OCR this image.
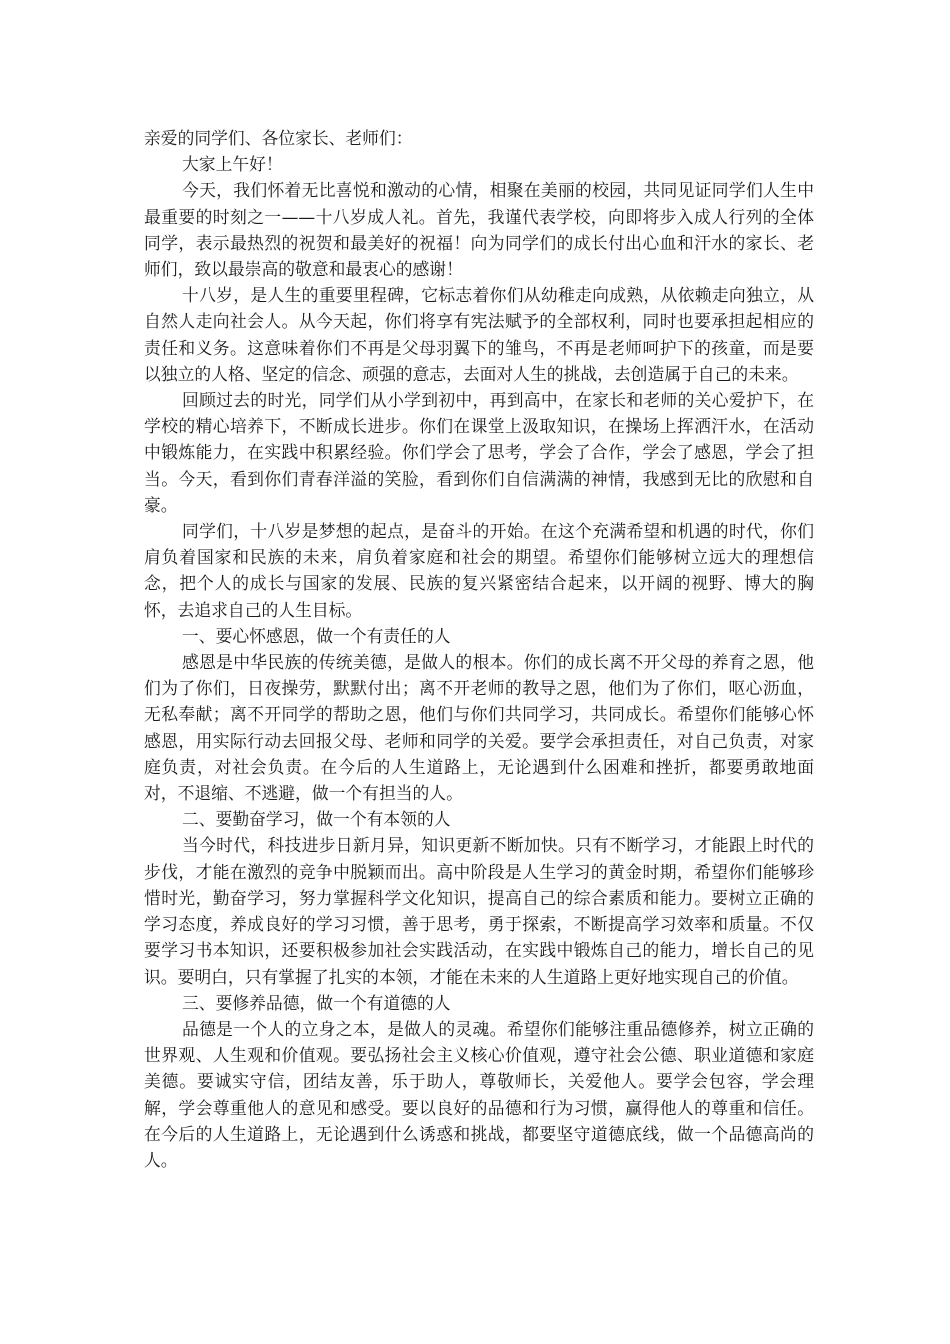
亲爱的同学们、各位家长、老师们：

大家上午好！

今天，我们怀着无比喜悦和激动的心情，相聚在美丽的校园，共同见证同学们人生中最重要的时刻之一——十八岁成人礼。首先，我谨代表学校，向即将步入成人行列的全体同学，表示最热烈的祝贺和最美好的祝福！向为同学们的成长付出心血和汗水的家长、老师们，致以最崇高的敬意和最衷心的感谢！

十八岁，是人生的重要里程碑，它标志着你们从幼稚走向成熟，从依赖走向独立，从自然人走向社会人。从今天起，你们将享有宪法赋予的全部权利，同时也要承担起相应的责任和义务。这意味着你们不再是父母羽翼下的雏鸟，不再是老师呵护下的孩童，而是要以独立的人格、坚定的信念、顽强的意志，去面对人生的挑战，去创造属于自己的未来。

回顾过去的时光，同学们从小学到初中，再到高中，在家长和老师的关心爱护下，在学校的精心培养下，不断成长进步。你们在课堂上汲取知识，在操场上挥洒汗水，在活动中锻炼能力，在实践中积累经验。你们学会了思考，学会了合作，学会了感恩，学会了担当。今天，看到你们青春洋溢的笑脸，看到你们自信满满的神情，我感到无比的欣慰和自豪。

同学们，十八岁是梦想的起点，是奋斗的开始。在这个充满希望和机遇的时代，你们肩负着国家和民族的未来，肩负着家庭和社会的期望。希望你们能够树立远大的理想信念，把个人的成长与国家的发展、民族的复兴紧密结合起来，以开阔的视野、博大的胸怀，去追求自己的人生目标。

一、要心怀感恩，做一个有责任的人

感恩是中华民族的传统美德，是做人的根本。你们的成长离不开父母的养育之恩，他们为了你们，日夜操劳，默默付出；离不开老师的教导之恩，他们为了你们，呕心沥血，无私奉献；离不开同学的帮助之恩，他们与你们共同学习，共同成长。希望你们能够心怀感恩，用实际行动去回报父母、老师和同学的关爱。要学会承担责任，对自己负责，对家庭负责，对社会负责。在今后的人生道路上，无论遇到什么困难和挫折，都要勇敢地面对，不退缩、不逃避，做一个有担当的人。

二、要勤奋学习，做一个有本领的人

当今时代，科技进步日新月异，知识更新不断加快。只有不断学习，才能跟上时代的步伐，才能在激烈的竞争中脱颖而出。高中阶段是人生学习的黄金时期，希望你们能够珍惜时光，勤奋学习，努力掌握科学文化知识，提高自己的综合素质和能力。要树立正确的学习态度，养成良好的学习习惯，善于思考，勇于探索，不断提高学习效率和质量。不仅要学习书本知识，还要积极参加社会实践活动，在实践中锻炼自己的能力，增长自己的见识。要明白，只有掌握了扎实的本领，才能在未来的人生道路上更好地实现自己的价值。

三、要修养品德，做一个有道德的人

品德是一个人的立身之本，是做人的灵魂。希望你们能够注重品德修养，树立正确的世界观、人生观和价值观。要弘扬社会主义核心价值观，遵守社会公德、职业道德和家庭美德。要诚实守信，团结友善，乐于助人，尊敬师长，关爱他人。要学会包容，学会理解，学会尊重他人的意见和感受。要以良好的品德和行为习惯，赢得他人的尊重和信任。在今后的人生道路上，无论遇到什么诱惑和挑战，都要坚守道德底线，做一个品德高尚的人。
